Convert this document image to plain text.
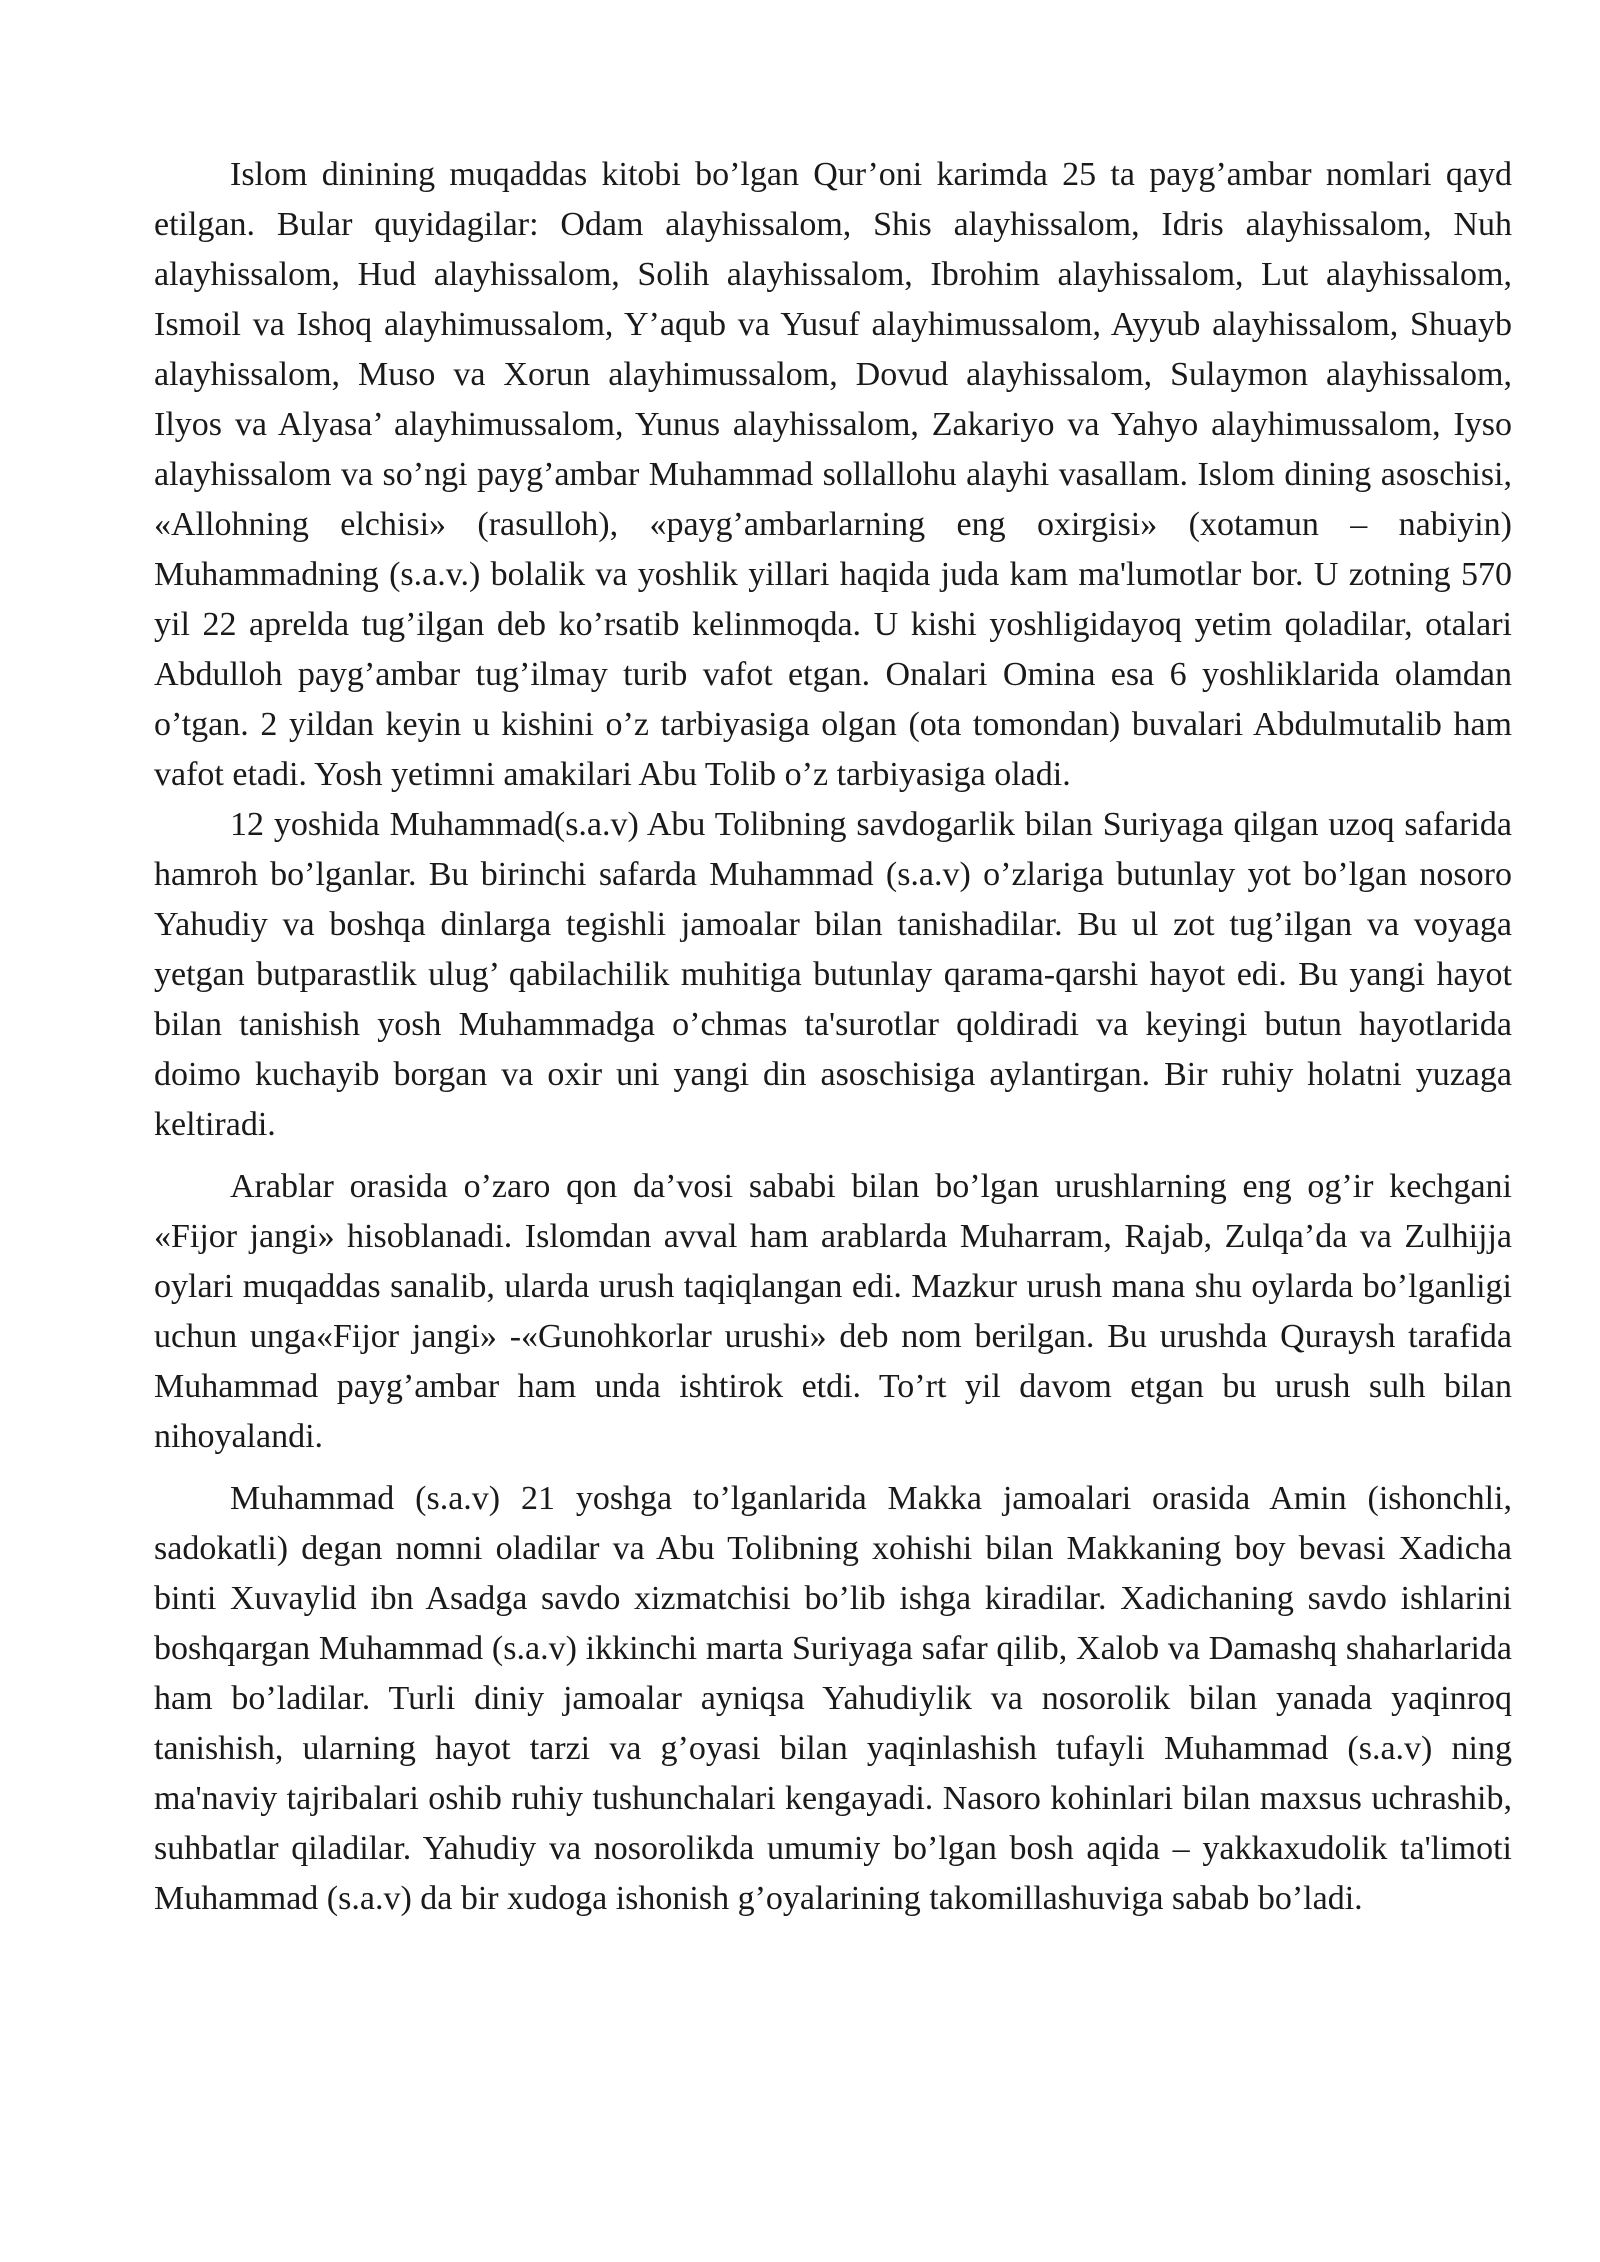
Islom dinining muqaddas kitobi bo’lgan Qur’oni karimda 25 ta payg’ambar nomlari qayd etilgan. Bular quyidagilar: Odam alayhissalom, Shis alayhissalom, Idris alayhissalom, Nuh alayhissalom, Hud alayhissalom, Solih alayhissalom, Ibrohim alayhissalom, Lut alayhissalom, Ismoil va Ishoq alayhimussalom, Y’aqub va Yusuf alayhimussalom, Ayyub alayhissalom, Shuayb alayhissalom, Muso va Xorun alayhimussalom, Dovud alayhissalom, Sulaymon alayhissalom, Ilyos va Alyasa’ alayhimussalom, Yunus alayhissalom, Zakariyo va Yahyo alayhimussalom, Iyso alayhissalom va so’ngi payg’ambar Muhammad sollallohu alayhi vasallam. Islom dining asoschisi, «Allohning elchisi» (rasulloh), «payg’ambarlarning eng oxirgisi» (xotamun – nabiyin) Muhammadning (s.a.v.) bolalik va yoshlik yillari haqida juda kam ma'lumotlar bor. U zotning 570 yil 22 aprelda tug’ilgan deb ko’rsatib kelinmoqda. U kishi yoshligidayoq yetim qoladilar, otalari Abdulloh payg’ambar tug’ilmay turib vafot etgan. Onalari Omina esa 6 yoshliklarida olamdan o’tgan. 2 yildan keyin u kishini o’z tarbiyasiga olgan (ota tomondan) buvalari Abdulmutalib ham vafot etadi. Yosh yetimni amakilari Abu Tolib o’z tarbiyasiga oladi.

12 yoshida Muhammad(s.a.v) Abu Tolibning savdogarlik bilan Suriyaga qilgan uzoq safarida hamroh bo’lganlar. Bu birinchi safarda Muhammad (s.a.v) o’zlariga butunlay yot bo’lgan nosoro Yahudiy va boshqa dinlarga tegishli jamoalar bilan tanishadilar. Bu ul zot tug’ilgan va voyaga yetgan butparastlik ulug’ qabilachilik muhitiga butunlay qarama-qarshi hayot edi. Bu yangi hayot bilan tanishish yosh Muhammadga o’chmas ta'surotlar qoldiradi va keyingi butun hayotlarida doimo kuchayib borgan va oxir uni yangi din asoschisiga aylantirgan. Bir ruhiy holatni yuzaga keltiradi.

Arablar orasida o’zaro qon da’vosi sababi bilan bo’lgan urushlarning eng og’ir kechgani «Fijor jangi» hisoblanadi. Islomdan avval ham arablarda Muharram, Rajab, Zulqa’da va Zulhijja oylari muqaddas sanalib, ularda urush taqiqlangan edi. Mazkur urush mana shu oylarda bo’lganligi uchun unga«Fijor jangi» -«Gunohkorlar urushi» deb nom berilgan. Bu urushda Quraysh tarafida Muhammad payg’ambar ham unda ishtirok etdi. To’rt yil davom etgan bu urush sulh bilan nihoyalandi.

Muhammad (s.a.v) 21 yoshga to’lganlarida Makka jamoalari orasida Amin (ishonchli, sadokatli) degan nomni oladilar va Abu Tolibning xohishi bilan Makkaning boy bevasi Xadicha binti Xuvaylid ibn Asadga savdo xizmatchisi bo’lib ishga kiradilar. Xadichaning savdo ishlarini boshqargan Muhammad (s.a.v) ikkinchi marta Suriyaga safar qilib, Xalob va Damashq shaharlarida ham bo’ladilar. Turli diniy jamoalar ayniqsa Yahudiylik va nosorolik bilan yanada yaqinroq tanishish, ularning hayot tarzi va g’oyasi bilan yaqinlashish tufayli Muhammad (s.a.v) ning ma'naviy tajribalari oshib ruhiy tushunchalari kengayadi. Nasoro kohinlari bilan maxsus uchrashib, suhbatlar qiladilar. Yahudiy va nosorolikda umumiy bo’lgan bosh aqida – yakkaxudolik ta'limoti Muhammad (s.a.v) da bir xudoga ishonish g’oyalarining takomillashuviga sabab bo’ladi.
